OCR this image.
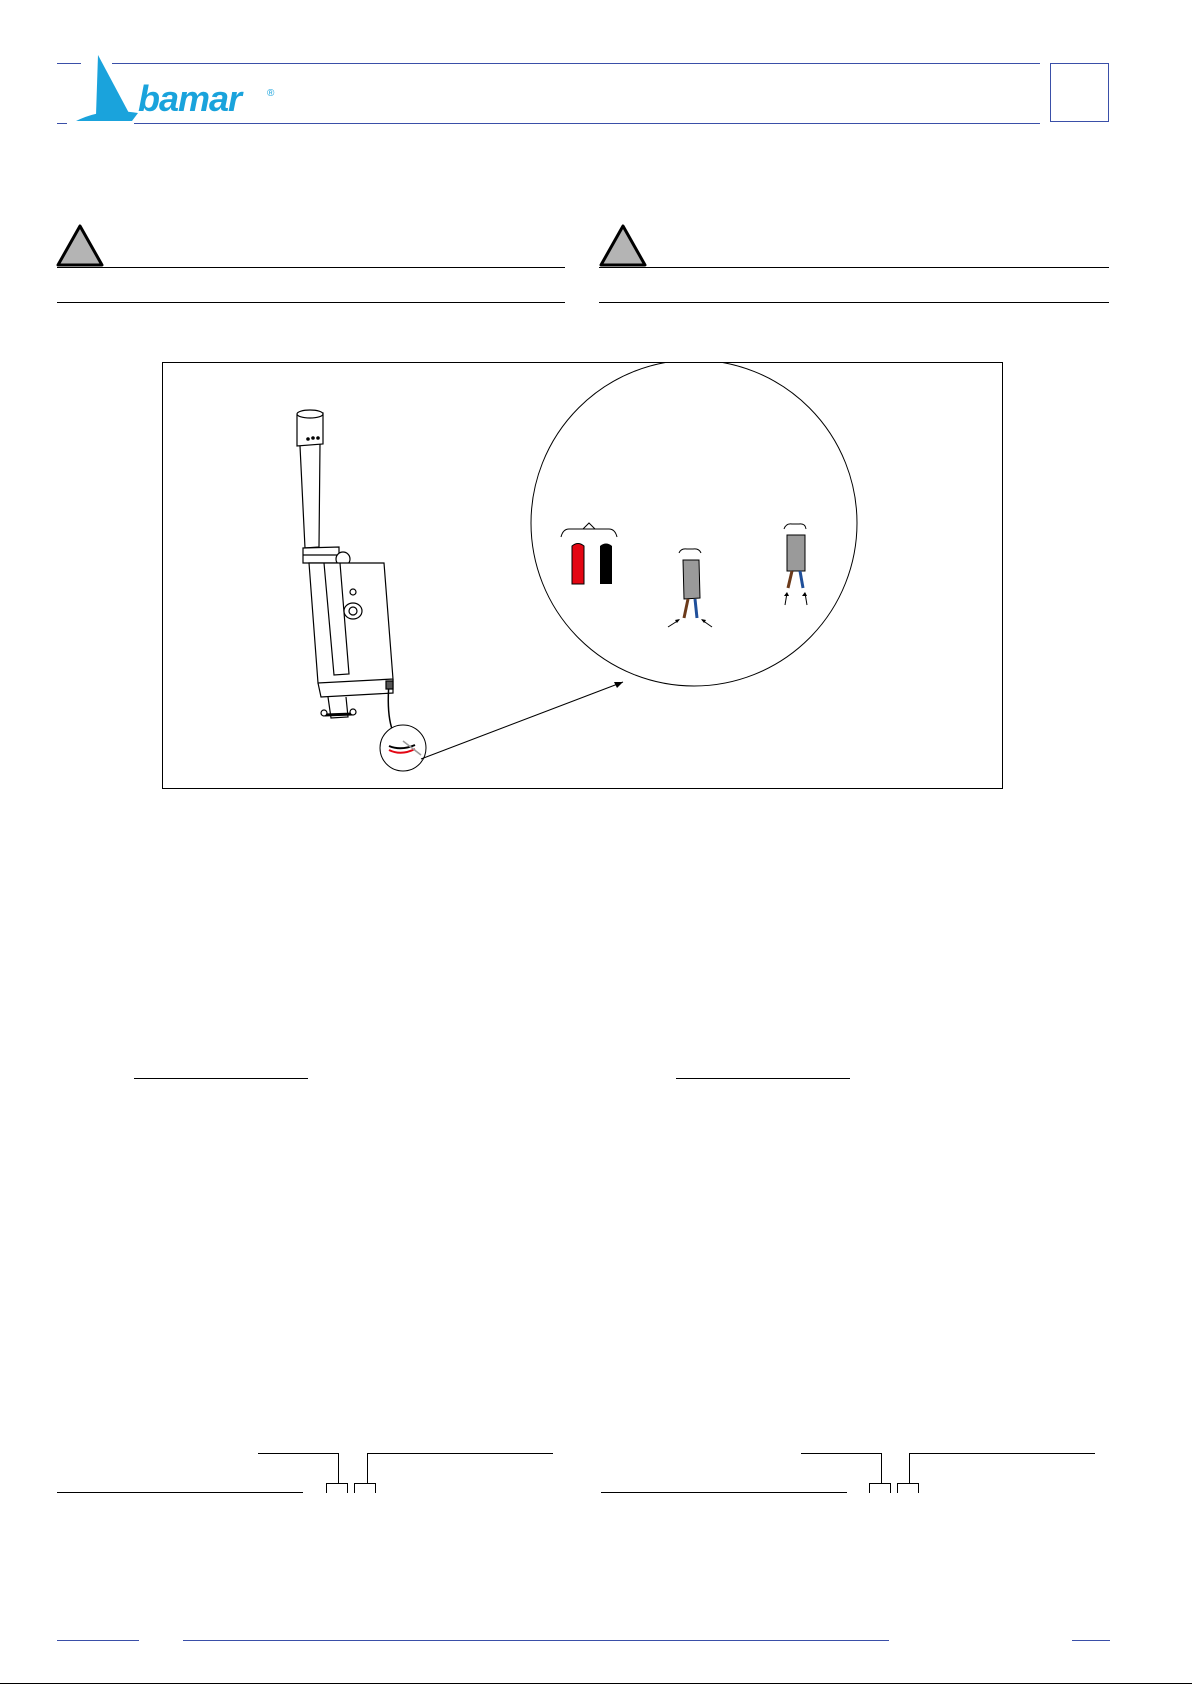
bamar	®
